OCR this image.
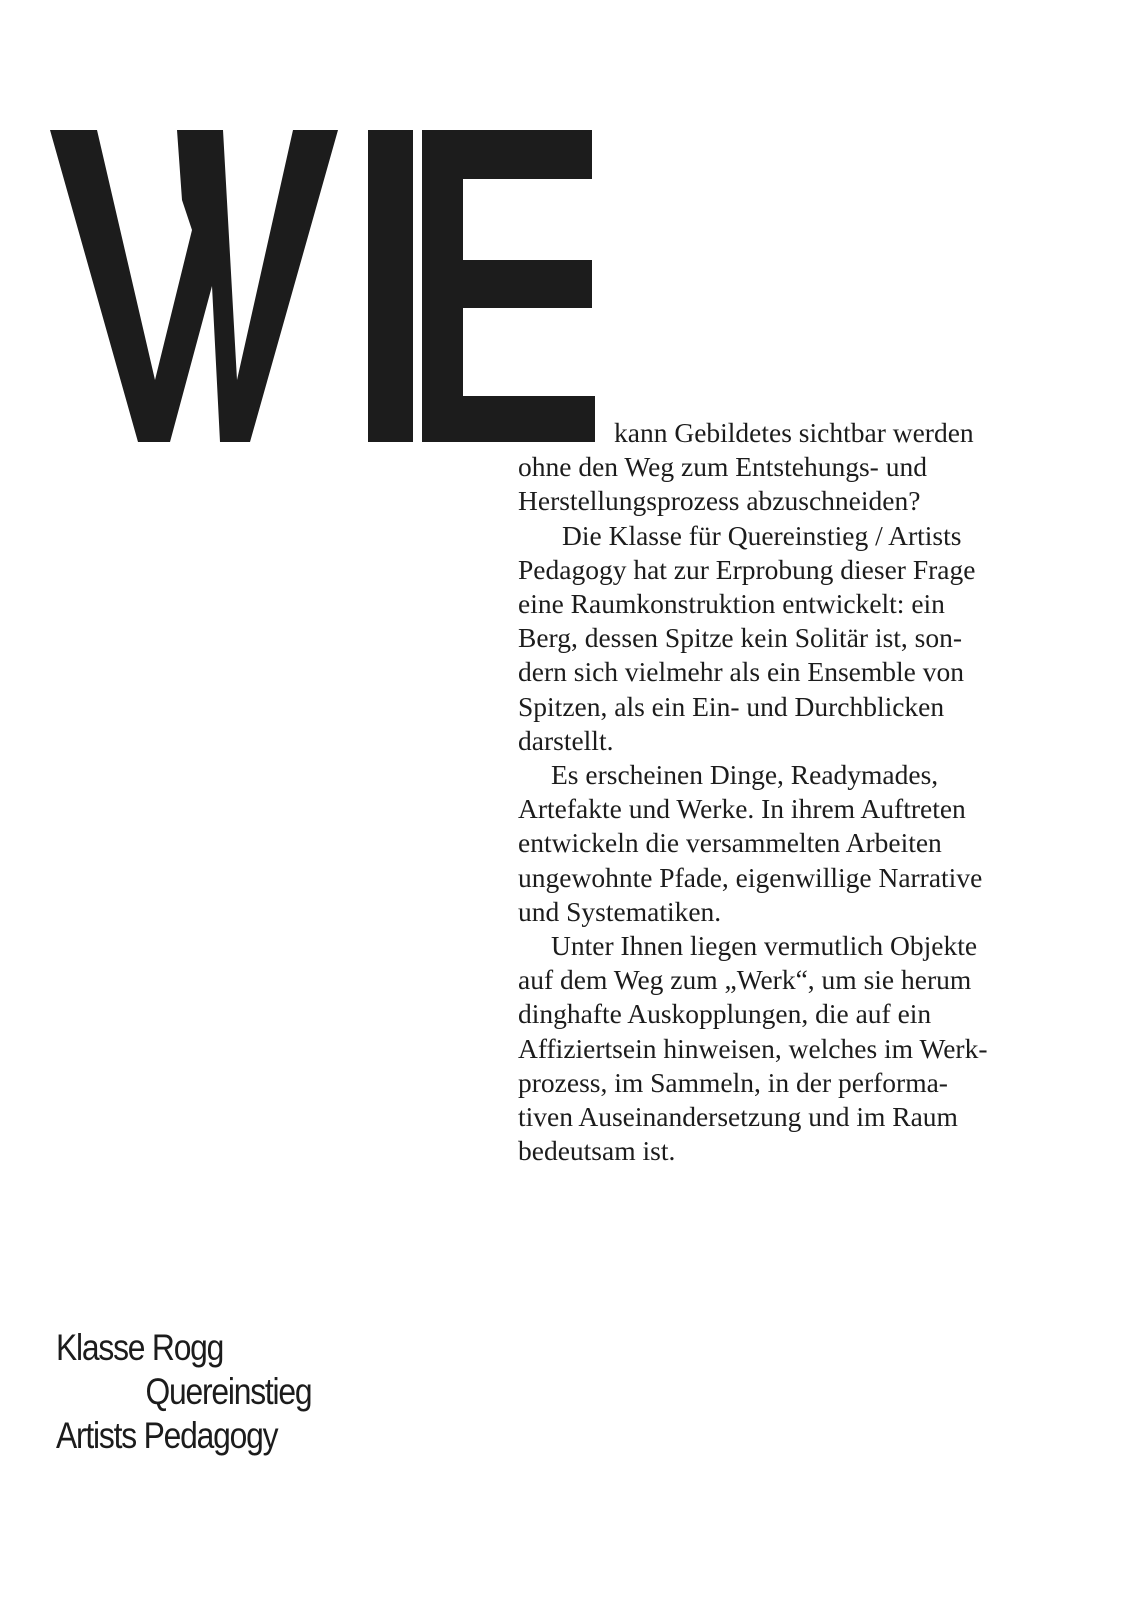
kann Gebildetes sichtbar werden

ohne den Weg zum Entstehungs- und
Herstellungsprozess abzuschneiden?

Die Klasse für Quereinstieg / Artists
Pedagogy hat zur Erprobung dieser Frage
eine Raumkonstruktion entwickelt: ein
Berg, dessen Spitze kein Solitär ist, son-
dern sich vielmehr als ein Ensemble von
Spitzen, als ein Ein- und Durchblicken
darstellt.

Es erscheinen Dinge, Readymades,
Artefakte und Werke. In ihrem Auftreten
entwickeln die versammelten Arbeiten
ungewohnte Pfade, eigenwillige Narrative
und Systematiken.

Unter Ihnen liegen vermutlich Objekte
auf dem Weg zum „Werk“, um sie herum
dinghafte Auskopplungen, die auf ein
Affiziertsein hinweisen, welches im Werk-
prozess, im Sammeln, in der performa-
tiven Auseinandersetzung und im Raum
bedeutsam ist.

Klasse Rogg
Quereinstieg
Artists Pedagogy
